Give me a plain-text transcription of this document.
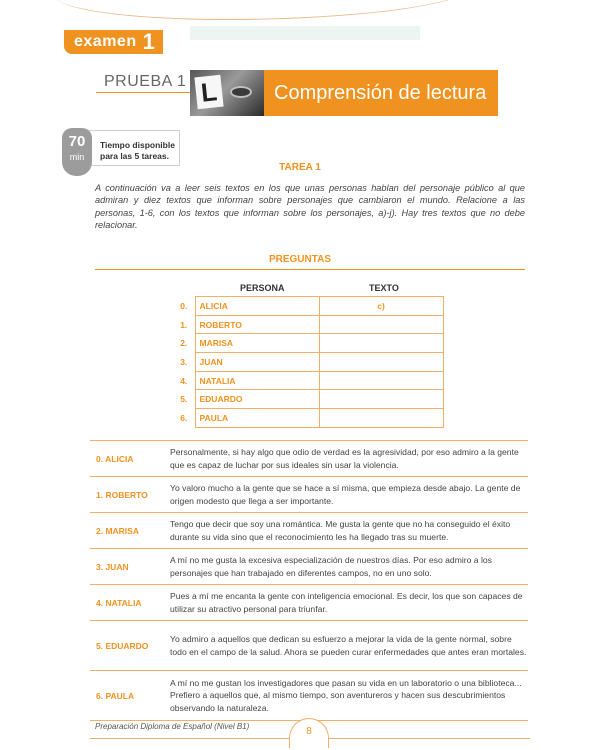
examen 1
PRUEBA 1 L	Comprensión de lectura
70
min
Tiempo disponible
para las 5 tareas.
TAREA 1
A continuación va a leer seis textos en los que unas personas hablan del personaje público al que admiran y diez textos que informan sobre personajes que cambiaron el mundo. Relacione a las personas, 1-6, con los textos que informan sobre los personajes, a)-j). Hay tres textos que no debe relacionar.
PREGUNTAS
PERSONA	TEXTO
0.	ALICIA	c)
1.	ROBERTO	
2.	MARISA	
3.	JUAN	
4.	NATALIA	
5.	EDUARDO	
6.	PAULA	
0. ALICIA	Personalmente, si hay algo que odio de verdad es la agresividad, por eso admiro a la gente que es capaz de luchar por sus ideales sin usar la violencia.
1. ROBERTO	Yo valoro mucho a la gente que se hace a sí misma, que empieza desde abajo. La gente de origen modesto que llega a ser importante.
2. MARISA	Tengo que decir que soy una romántica. Me gusta la gente que no ha conseguido el éxito durante su vida sino que el reconocimiento les ha llegado tras su muerte.
3. JUAN	A mí no me gusta la excesiva especialización de nuestros días. Por eso admiro a los personajes que han trabajado en diferentes campos, no en uno solo.
4. NATALIA	Pues a mí me encanta la gente con inteligencia emocional. Es decir, los que son capaces de utilizar su atractivo personal para triunfar.
5. EDUARDO	Yo admiro a aquellos que dedican su esfuerzo a mejorar la vida de la gente normal, sobre todo en el campo de la salud. Ahora se pueden curar enfermedades que antes eran mortales.
6. PAULA	A mí no me gustan los investigadores que pasan su vida en un laboratorio o una biblioteca... Prefiero a aquellos que, al mismo tiempo, son aventureros y hacen sus descubrimientos observando la naturaleza.
Preparación Diploma de Español (Nivel B1)	8
